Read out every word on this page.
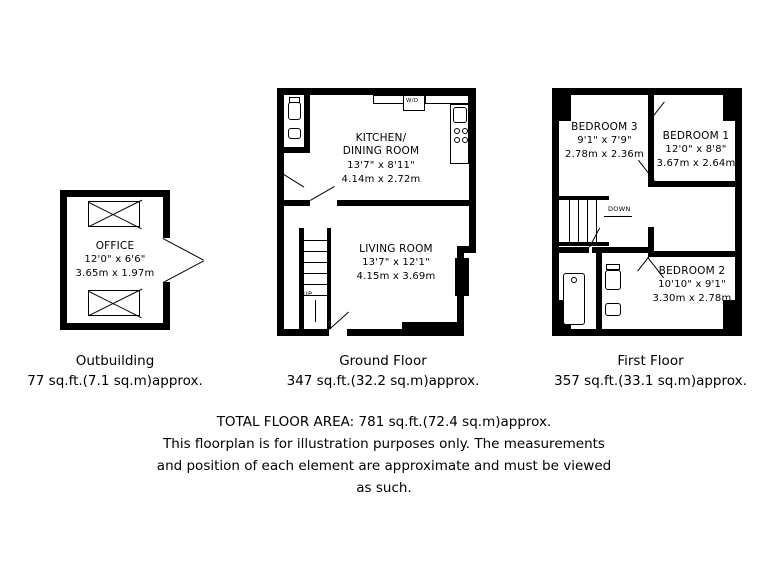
OFFICE
12'0" x 6'6"
3.65m x 1.97m
Outbuilding
77 sq.ft.(7.1 sq.m)approx.
W/D
UP
KITCHEN/
DINING ROOM
13'7" x 8'11"
4.14m x 2.72m
LIVING ROOM
13'7" x 12'1"
4.15m x 3.69m
Ground Floor
347 sq.ft.(32.2 sq.m)approx.
DOWN
BEDROOM 3
9'1" x 7'9"
2.78m x 2.36m
BEDROOM 1
12'0" x 8'8"
3.67m x 2.64m
BEDROOM 2
10'10" x 9'1"
3.30m x 2.78m
First Floor
357 sq.ft.(33.1 sq.m)approx.
TOTAL FLOOR AREA: 781 sq.ft.(72.4 sq.m)approx.
This floorplan is for illustration purposes only. The measurements
and position of each element are approximate and must be viewed
as such.
